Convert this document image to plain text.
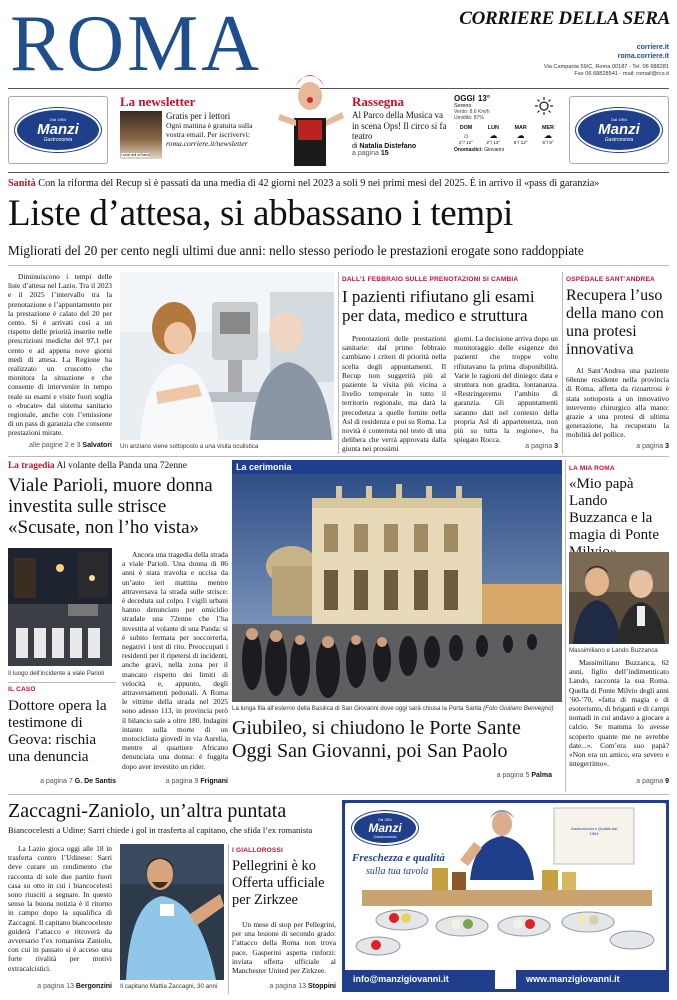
ROMA	CORRIERE DELLA SERA
corriere.it
roma.corriere.it
Via Campania 59/C, Roma 00187 - Tel. 06 688281
Fax 06 68828541 - mail: romail@rcs.it
Dal 1954
Manzi
Gastronomia
La newsletter
I colori dell di Roma
Gratis per i lettori
Ogni mattina è gratuita sulla vostra email. Per iscrivervi: roma.corriere.it/newsletter
Rassegna
Al Parco della Musica va in scena Ops! Il circo si fa teatro
di Natalia Distefano
a pagina 15
OGGI 13°
Sereno
Vento: 8.6 Km/h
Umidità: 87%
DOM
☼
2°/ 12°
LUN
☁
2°/ 13°
MAR
☁
5°/ 12°
MER
☁
5°/ 9°
Onomastici: Giovanni
Dal 1954
Manzi
Gastronomia
Sanità Con la riforma del Recup si è passati da una media di 42 giorni nel 2023 a soli 9 nei primi mesi del 2025. È in arrivo il «pass di garanzia»
Liste d’attesa, si abbassano i tempi
Migliorati del 20 per cento negli ultimi due anni: nello stesso periodo le prestazioni erogate sono raddoppiate
Diminuiscono i tempi delle liste d’attesa nel Lazio. Tra il 2023 e il 2025 l’intervallo tra la prenotazione e l’appuntamento per la prestazione è calato del 20 per cento. Si è arrivati così a un rispetto delle priorità inserite nelle prescrizioni mediche del 97,1 per cento e ad appena nove giorni medi di attesa. La Regione ha realizzato un cruscotto che monitora la situazione e che consente di intervenire in tempo reale su esami e visite fuori soglia o «bucate» dal sistema sanitario regionale, anche con l’emissione di un pass di garanzia che consente prestazioni mirate.
alle pagine 2 e 3 Salvatori Un anziano viene sottoposto a una visita oculistica
DALL’1 FEBBRAIO SULLE PRENOTAZIONI SI CAMBIA
I pazienti rifiutano gli esami per data, medico e struttura
Prenotazioni delle prestazioni sanitarie: dal primo febbraio cambiano i criteri di priorità nella scelta degli appuntamenti. Il Recup non suggerirà più al paziente la visita più vicina a livello temporale in tutto il territorio regionale, ma darà la precedenza a quelle fornite nella Asl di residenza e poi su Roma. La novità è contenuta nel testo di una delibera che verrà approvata dalla giunta nei prossimi
giorni. La decisione arriva dopo un monitoraggio delle esigenze dei pazienti che troppe volte rifiutavano la prima disponibilità. Varie le ragioni del diniego: data e struttura non gradita, lontananza. «Restringeremo l’ambito di garanzia. Gli appuntamenti saranno dati nel contesto della propria Asl di appartenenza, non più su tutta la regione», ha spiegato Rocca.
a pagina 3
OSPEDALE SANT’ANDREA
Recupera l’uso della mano con una protesi innovativa
Al Sant’Andrea una paziente 60enne residente nella provincia di Roma, affetta da rizoartrosi è stata sottoposta a un innovativo intervento chirurgico alla mano: grazie a una protesi di ultima generazione, ha recuperato la mobilità del pollice.
a pagina 3
La tragedia Al volante della Panda una 72enne
Viale Parioli, muore donna investita sulle strisce «Scusate, non l’ho vista»
Il luogo dell’incidente a viale Parioli
Ancora una tragedia della strada a viale Parioli. Una donna di 86 anni è stata travolta e uccisa da un’auto ieri mattina mentre attraversava la strada sulle strisce: è deceduta sul colpo. I vigili urbani hanno denunciato per omicidio stradale una 72enne che l’ha investita al volante di una Panda: si è subito fermata per soccorrerla, negativi i test di rito. Preoccupati i residenti per il ripetersi di incidenti, anche gravi, nella zona per il mancato rispetto dei limiti di velocità e, appunto, degli attraversamenti pedonali. A Roma le vittime della strada nel 2025 sono adesso 113, in provincia però il bilancio sale a oltre 180. Indagini intanto sulla morte di un motociclista giovedì in via Aurelia, mentre al quartiere Africano denunciata una donna: è fuggita dopo aver investito un rider.
a pagina 9 Frignani
IL CASO
Dottore opera la testimone di Geova: rischia una denuncia
a pagina 7 G. De Santis
La cerimonia
La lunga fila all’esterno della Basilica di San Giovanni dove oggi sarà chiusa la Porta Santa (Foto Giuliano Benvegnù)
Giubileo, si chiudono le Porte Sante
Oggi San Giovanni, poi San Paolo
a pagina 5 Palma
LA MIA ROMA
«Mio papà Lando Buzzanca e la magia di Ponte
Massimiliano e Lando Buzzanca
Massimiliano Buzzanca, 62 anni, figlio dell’indimenticato Lando, racconta la sua Roma. Quella di Ponte Milvio degli anni ’60-’70, «fatta di magia e di esoterismo, di briganti e di campi nomadi in cui andavo a giocare a calcio. Se mamma lo avesse scoperto quante me ne avrebbe date...». Com’era suo papà? «Non era un amico, era severo e integerrimo».
a pagina 9
Zaccagni-Zaniolo, un’altra puntata
Biancocelesti a Udine: Sarri chiede i gol in trasferta al capitano, che sfida l’ex romanista
La Lazio gioca oggi alle 18 in trasferta contro l’Udinese: Sarri deve curare un rendimento che racconta di sole due partite fuori casa su otto in cui i biancocelesti sono riusciti a segnare. In questo senso la buona notizia è il ritorno in campo dopo la squalifica di Zaccagni. Il capitano biancoceleste guiderà l’attacco e ritroverà da avversario l’ex romanista Zaniolo, con cui in passato si è acceso una forte rivalità per motivi extracalcistici.
a pagina 13 Bergonzini Il capitano Mattia Zaccagni, 30 anni
I GIALLOROSSI
Pellegrini è ko Offerta ufficiale per Zirkzee
Un mese di stop per Pellegrini, per una lesione di secondo grado: l’attacco della Roma non trova pace. Gasperini aspetta rinforzi: inviata offerta ufficiale al Manchester United per Zirkzee.
a pagina 13 Stoppini
Dal 1954
Manzi
Gastronomia
Freschezza e qualità
sulla tua tavola
Gastronomia e Qualità dal 1954
info@manzigiovanni.it	www.manzigiovanni.it
